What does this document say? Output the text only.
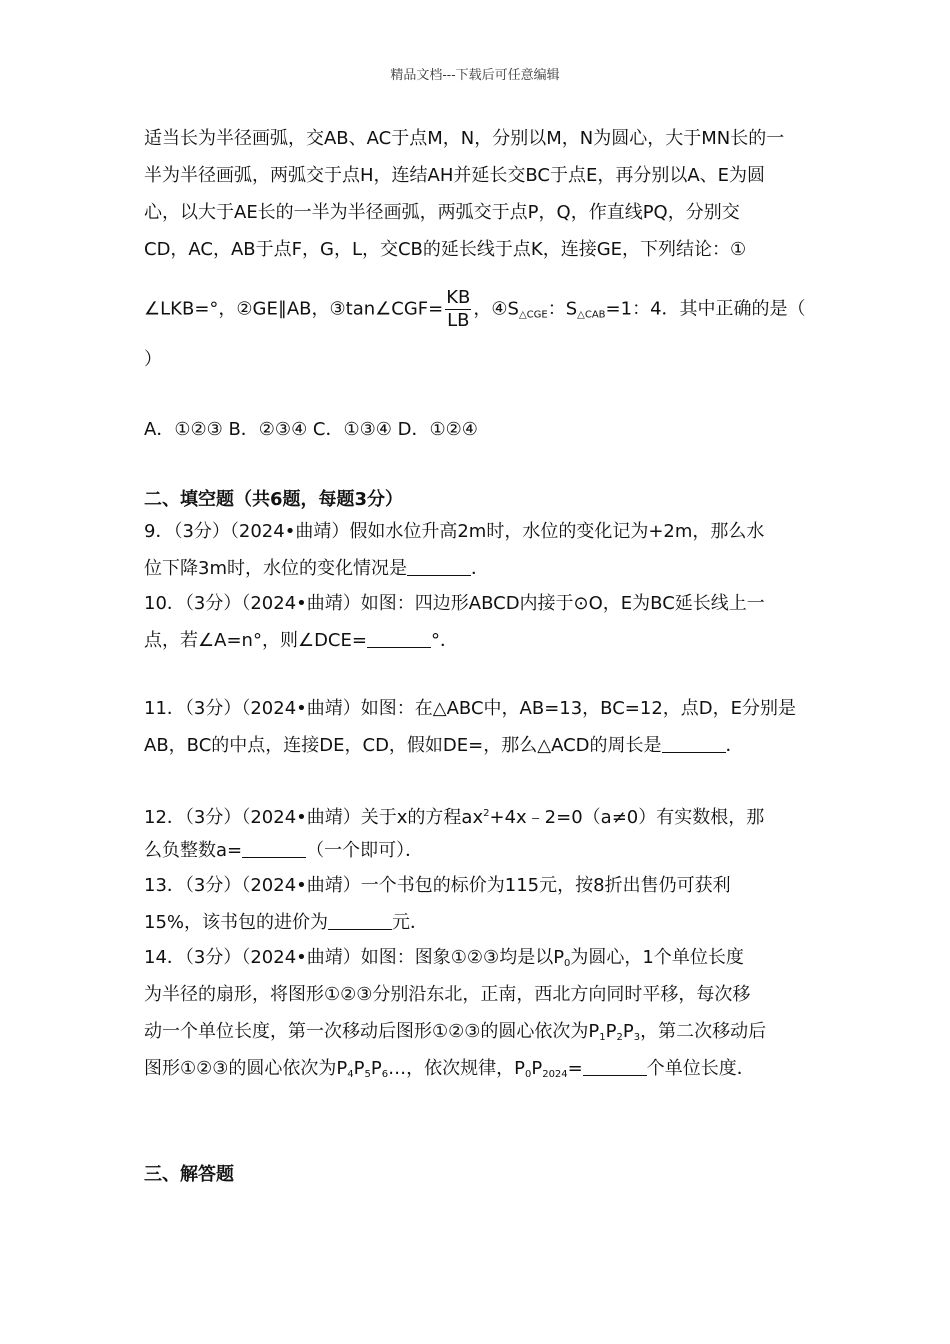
精品文档---下载后可任意编辑
适当长为半径画弧，交AB、AC于点M，N，分别以M，N为圆心，大于MN长的一
半为半径画弧，两弧交于点H，连结AH并延长交BC于点E，再分别以A、E为圆
心，以大于AE长的一半为半径画弧，两弧交于点P，Q，作直线PQ，分别交
CD，AC，AB于点F，G，L，交CB的延长线于点K，连接GE，下列结论：①
∠LKB=°，②GE∥AB，③tan∠CGF= $\frac{KB}{LB}$ ，$④S_{\triangle CGE}$：$S_{\triangle CAB}=1$：4．其中正确的是（
）
A．①②③ B．②③④ C．①③④ D．①②④
二、填空题（共6题，每题3分）
9．（3分）（2024•曲靖）假如水位升高2m时，水位的变化记为+2m，那么水
位下降3m时，水位的变化情况是	．
10．（3分）（2024•曲靖）如图：四边形ABCD内接于⊙O，E为BC延长线上一
点，若∠A=n°，则∠DCE=	°．
11．（3分）（2024•曲靖）如图：在△ABC中，AB=13，BC=12，点D，E分别是
AB，BC的中点，连接DE，CD，假如DE=，那么△ACD的周长是	．
12．（3分）（2024•曲靖）关于x的方程$ax^2+4x﹣2=0(a\ne 0)$有实数根，那
么负整数a=	（一个即可）．
13．（3分）（2024•曲靖）一个书包的标价为115元，按8折出售仍可获利
15%，该书包的进价为	元．
14．（3分）（2024•曲靖）如图：图象①②③均是以$P_0$为圆心，1个单位长度
为半径的扇形，将图形①②③分别沿东北，正南，西北方向同时平移，每次移
动一个单位长度，第一次移动后图形①②③的圆心依次为$P_1P_2P_3$，第二次移动后
图形①②③的圆心依次为$P_4P_5P_6\dots$，依次规律，$P_0P_{2024}=$	个单位长度．
三、解答题
